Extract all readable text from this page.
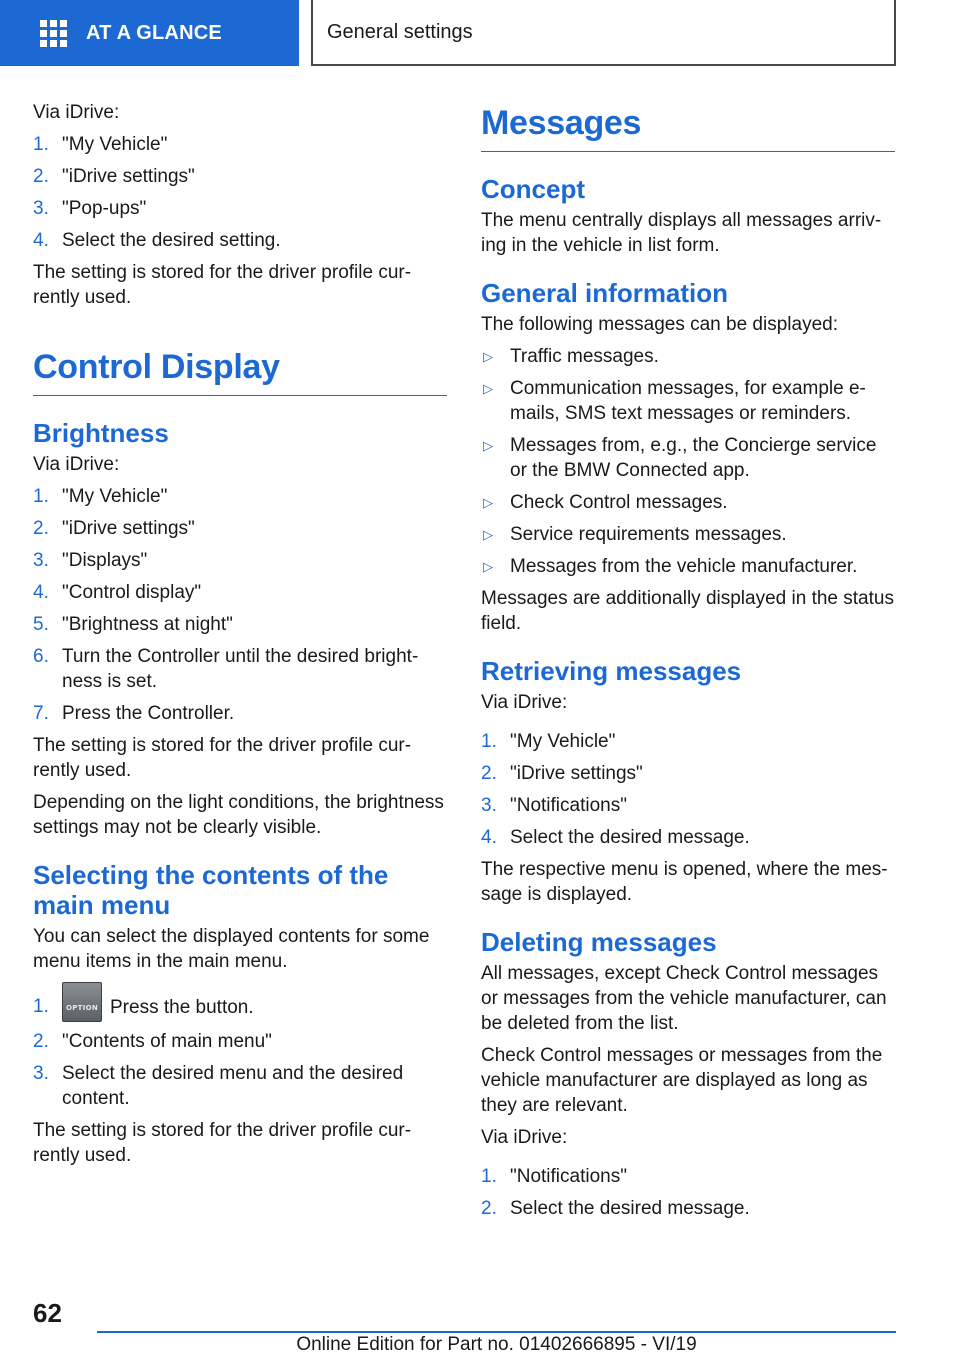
AT A GLANCE	General settings

Via iDrive:

1. "My Vehicle"
2. "iDrive settings"
3. "Pop-ups"
4. Select the desired setting.

The setting is stored for the driver profile currently used.

Control Display
Brightness

Via iDrive:

1. "My Vehicle"
2. "iDrive settings"
3. "Displays"
4. "Control display"
5. "Brightness at night"
6. Turn the Controller until the desired brightness is set.
7. Press the Controller.

The setting is stored for the driver profile currently used.

Depending on the light conditions, the brightness settings may not be clearly visible.

Selecting the contents of the main menu

You can select the displayed contents for some menu items in the main menu.

1.	OPTION Press the button.
2. "Contents of main menu"
3. Select the desired menu and the desired content.

The setting is stored for the driver profile currently used.

Messages
Concept

The menu centrally displays all messages arriving in the vehicle in list form.

General information

The following messages can be displayed:

▷ Traffic messages.
▷ Communication messages, for example e-mails, SMS text messages or reminders.
▷ Messages from, e.g., the Concierge service or the BMW Connected app.
▷ Check Control messages.
▷ Service requirements messages.
▷ Messages from the vehicle manufacturer.

Messages are additionally displayed in the status field.

Retrieving messages

Via iDrive:

1. "My Vehicle"
2. "iDrive settings"
3. "Notifications"
4. Select the desired message.

The respective menu is opened, where the message is displayed.

Deleting messages

All messages, except Check Control messages or messages from the vehicle manufacturer, can be deleted from the list.

Check Control messages or messages from the vehicle manufacturer are displayed as long as they are relevant.

Via iDrive:

1. "Notifications"
2. Select the desired message.
62
Online Edition for Part no. 01402666895 - VI/19
